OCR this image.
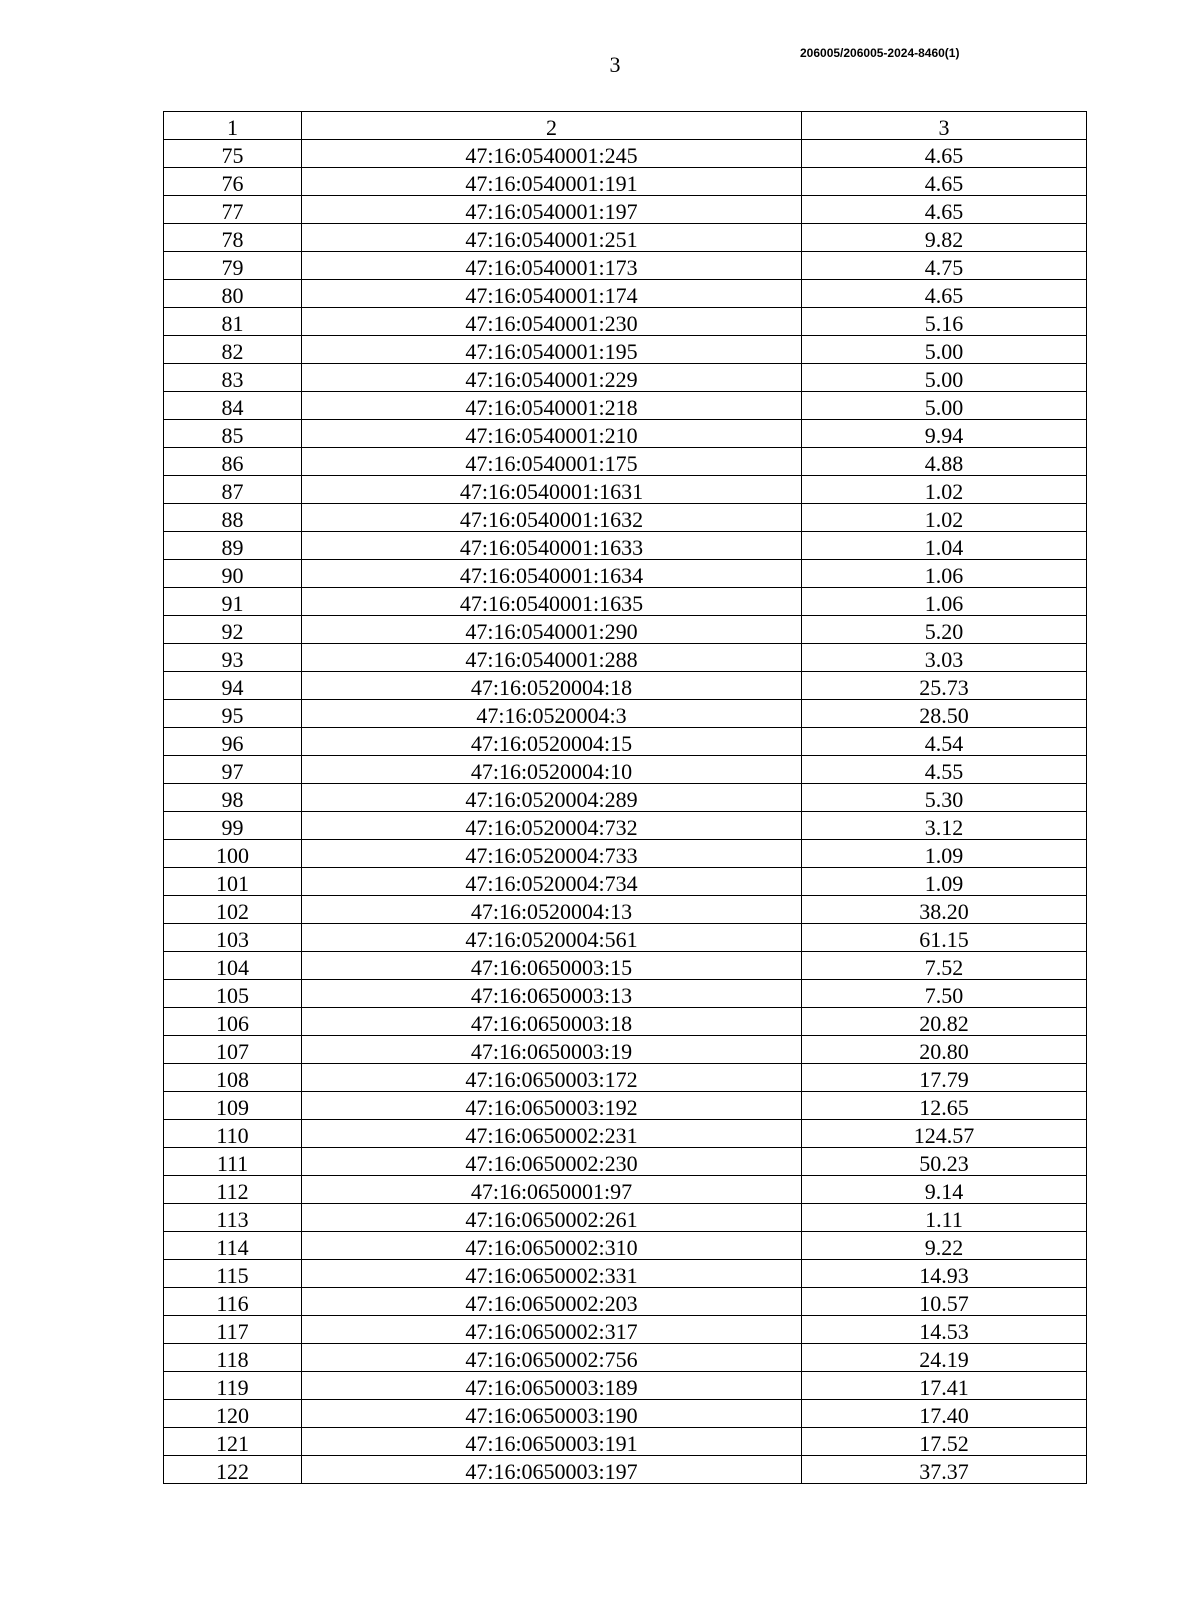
3	206005/206005-2024-8460(1)
1	2	3
75	47:16:0540001:245	4.65
76	47:16:0540001:191	4.65
77	47:16:0540001:197	4.65
78	47:16:0540001:251	9.82
79	47:16:0540001:173	4.75
80	47:16:0540001:174	4.65
81	47:16:0540001:230	5.16
82	47:16:0540001:195	5.00
83	47:16:0540001:229	5.00
84	47:16:0540001:218	5.00
85	47:16:0540001:210	9.94
86	47:16:0540001:175	4.88
87	47:16:0540001:1631	1.02
88	47:16:0540001:1632	1.02
89	47:16:0540001:1633	1.04
90	47:16:0540001:1634	1.06
91	47:16:0540001:1635	1.06
92	47:16:0540001:290	5.20
93	47:16:0540001:288	3.03
94	47:16:0520004:18	25.73
95	47:16:0520004:3	28.50
96	47:16:0520004:15	4.54
97	47:16:0520004:10	4.55
98	47:16:0520004:289	5.30
99	47:16:0520004:732	3.12
100	47:16:0520004:733	1.09
101	47:16:0520004:734	1.09
102	47:16:0520004:13	38.20
103	47:16:0520004:561	61.15
104	47:16:0650003:15	7.52
105	47:16:0650003:13	7.50
106	47:16:0650003:18	20.82
107	47:16:0650003:19	20.80
108	47:16:0650003:172	17.79
109	47:16:0650003:192	12.65
110	47:16:0650002:231	124.57
111	47:16:0650002:230	50.23
112	47:16:0650001:97	9.14
113	47:16:0650002:261	1.11
114	47:16:0650002:310	9.22
115	47:16:0650002:331	14.93
116	47:16:0650002:203	10.57
117	47:16:0650002:317	14.53
118	47:16:0650002:756	24.19
119	47:16:0650003:189	17.41
120	47:16:0650003:190	17.40
121	47:16:0650003:191	17.52
122	47:16:0650003:197	37.37
